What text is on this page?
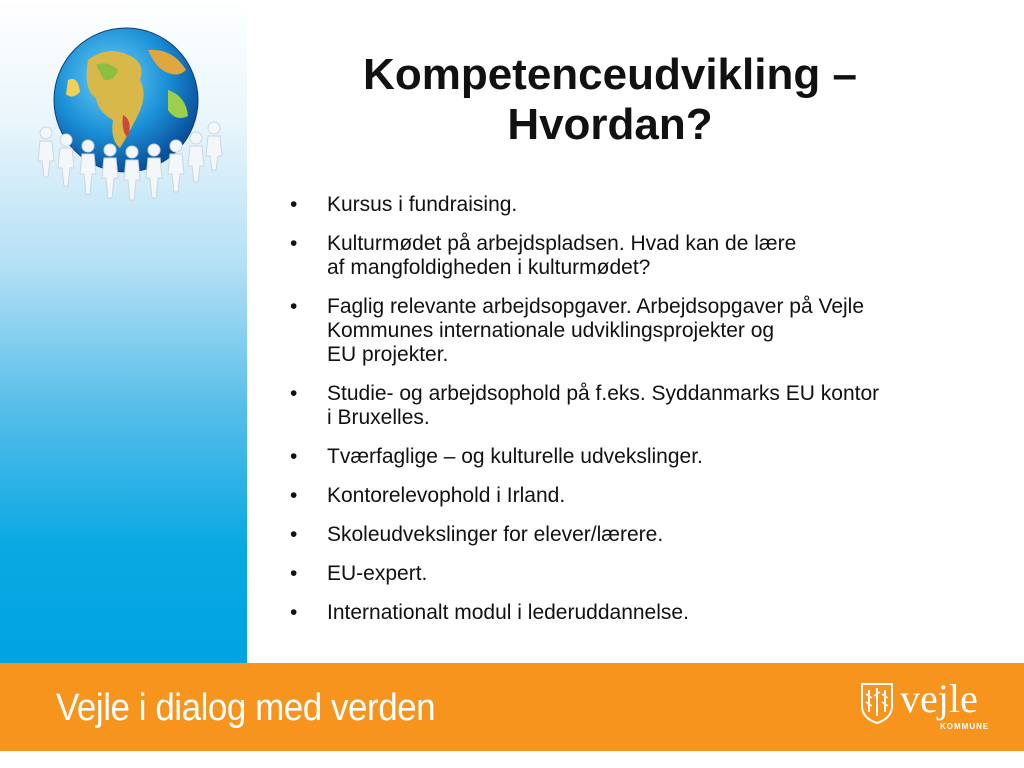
Kompetenceudvikling –
Hvordan?
• Kursus i fundraising.
• Kulturmødet på arbejdspladsen. Hvad kan de lære
af mangfoldigheden i kulturmødet?
• Faglig relevante arbejdsopgaver. Arbejdsopgaver på Vejle
Kommunes internationale udviklingsprojekter og
EU projekter.
• Studie- og arbejdsophold på f.eks. Syddanmarks EU kontor
i Bruxelles.
• Tværfaglige – og kulturelle udvekslinger.
• Kontorelevophold i Irland.
• Skoleudvekslinger for elever/lærere.
• EU-expert.
• Internationalt modul i lederuddannelse.
Vejle i dialog med verden	vejle
KOMMUNE
